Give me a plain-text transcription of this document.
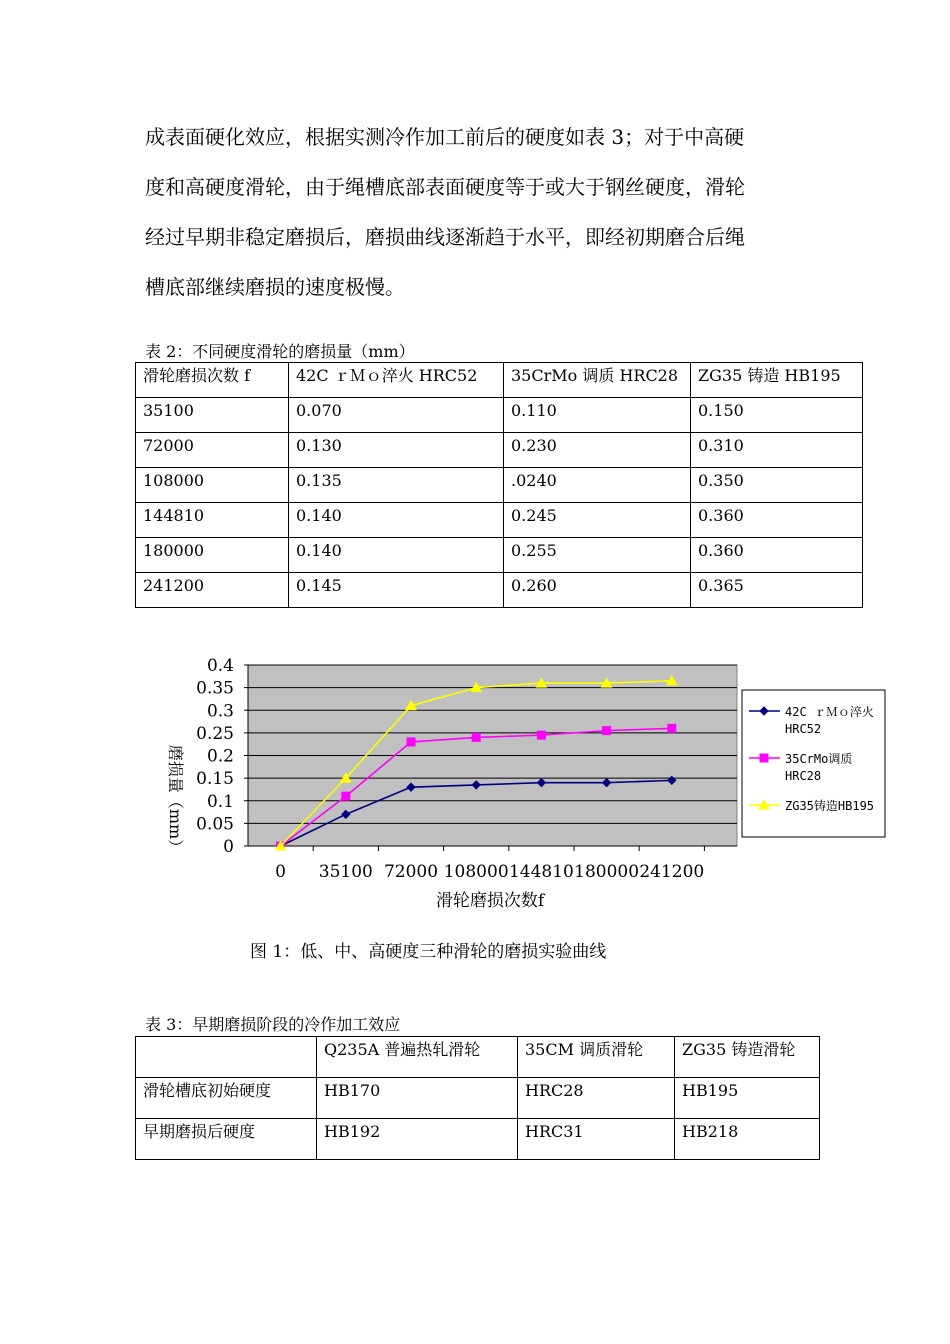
成表面硬化效应，根据实测冷作加工前后的硬度如表 3；对于中高硬

度和高硬度滑轮，由于绳槽底部表面硬度等于或大于钢丝硬度，滑轮

经过早期非稳定磨损后，磨损曲线逐渐趋于水平，即经初期磨合后绳

槽底部继续磨损的速度极慢。

表 2：不同硬度滑轮的磨损量（mm）
滑轮磨损次数 f	42C ｒＭｏ淬火 HRC52	35CrMo 调质 HRC28	ZG35 铸造 HB195
35100	0.070	0.110	0.150
72000	0.130	0.230	0.310
108000	0.135	.0240	0.350
144810	0.140	0.245	0.360
180000	0.140	0.255	0.360
241200	0.145	0.260	0.365
0
0.05
0.1
0.15
0.2
0.25
0.3
0.35
0.4
0 35100 72000 108000 144810 180000 241200
滑轮磨损次数f
磨损量（mm）
42C ｒＭｏ淬火
HRC52
35CrMo调质
HRC28
ZG35铸造HB195
图 1：低、中、高硬度三种滑轮的磨损实验曲线
表 3：早期磨损阶段的冷作加工效应
	Q235A 普遍热轧滑轮	35CM 调质滑轮	ZG35 铸造滑轮
滑轮槽底初始硬度	HB170	HRC28	HB195
早期磨损后硬度	HB192	HRC31	HB218
